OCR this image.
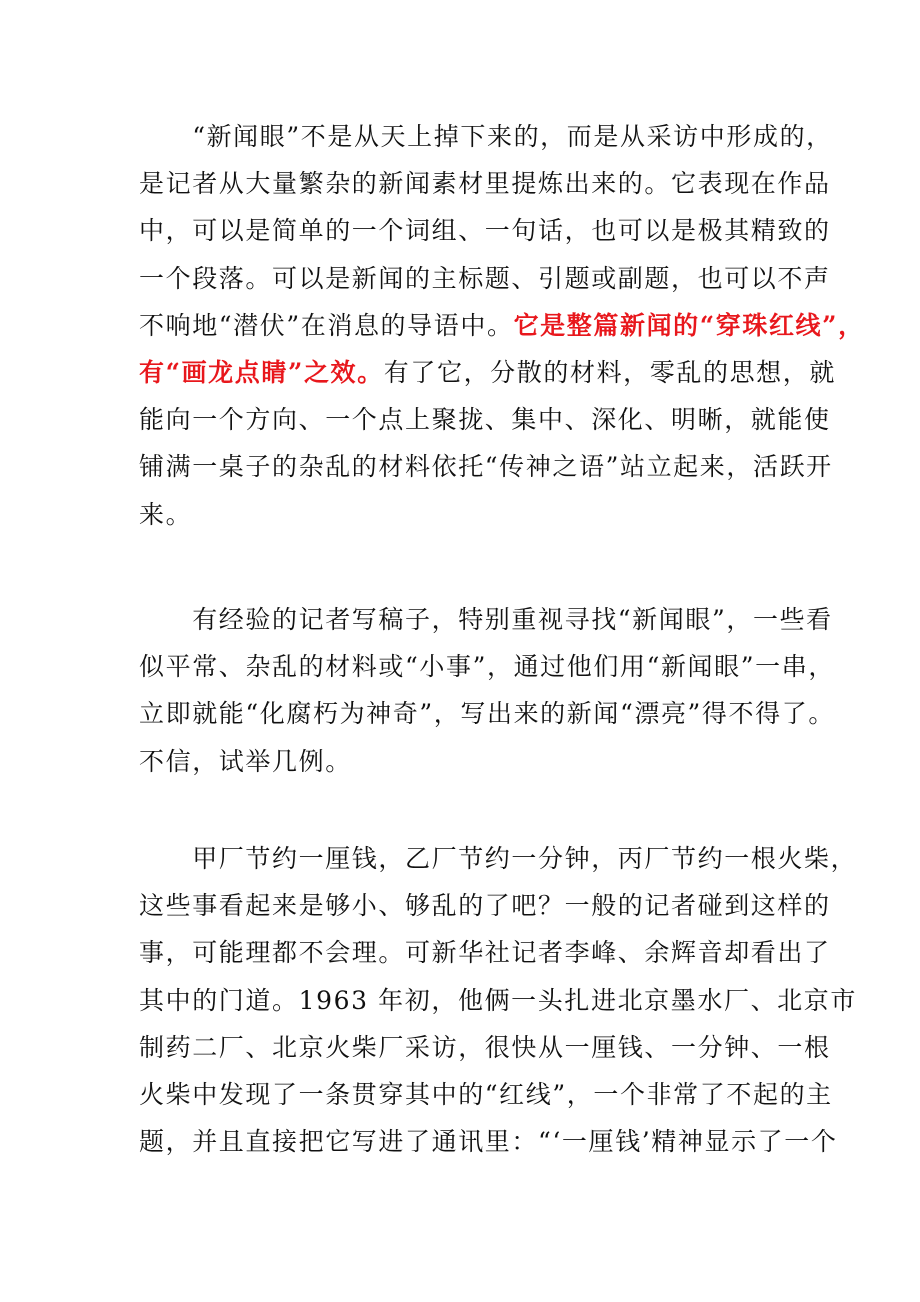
　　“新闻眼”不是从天上掉下来的，而是从采访中形成的，
是记者从大量繁杂的新闻素材里提炼出来的。它表现在作品
中，可以是简单的一个词组、一句话，也可以是极其精致的
一个段落。可以是新闻的主标题、引题或副题，也可以不声
不响地“潜伏”在消息的导语中。它是整篇新闻的“穿珠红线”，
有“画龙点睛”之效。有了它，分散的材料，零乱的思想，就
能向一个方向、一个点上聚拢、集中、深化、明晰，就能使
铺满一桌子的杂乱的材料依托“传神之语”站立起来，活跃开
来。

　　有经验的记者写稿子，特别重视寻找“新闻眼”，一些看
似平常、杂乱的材料或“小事”，通过他们用“新闻眼”一串，
立即就能“化腐朽为神奇”，写出来的新闻“漂亮”得不得了。
不信，试举几例。

　　甲厂节约一厘钱，乙厂节约一分钟，丙厂节约一根火柴，
这些事看起来是够小、够乱的了吧？一般的记者碰到这样的
事，可能理都不会理。可新华社记者李峰、余辉音却看出了
其中的门道。1963 年初，他俩一头扎进北京墨水厂、北京市
制药二厂、北京火柴厂采访，很快从一厘钱、一分钟、一根
火柴中发现了一条贯穿其中的“红线”，一个非常了不起的主
题，并且直接把它写进了通讯里：“‘一厘钱’精神显示了一个
